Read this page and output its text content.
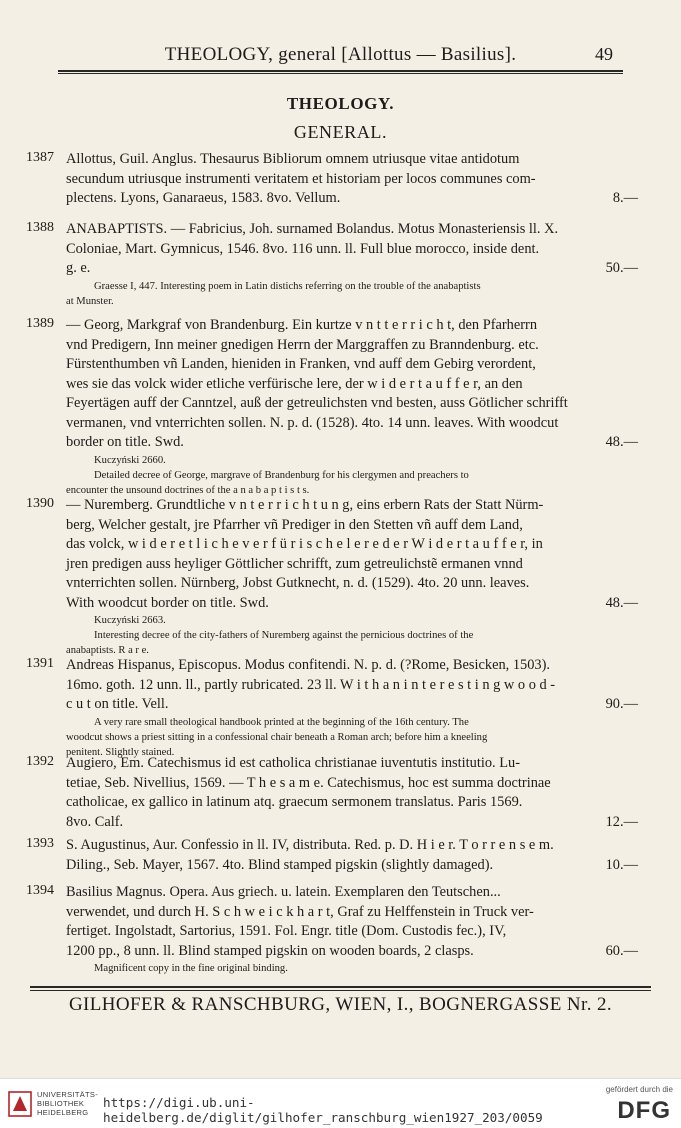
THEOLOGY, general [Allottus — Basilius].	49
THEOLOGY.
GENERAL.
1387 Allottus, Guil. Anglus. Thesaurus Bibliorum omnem utriusque vitae antidotum
secundum utriusque instrumenti veritatem et historiam per locos communes com-
8.—
plectens. Lyons, Ganaraeus, 1583. 8vo. Vellum.
1388 ANABAPTISTS. — Fabricius, Joh. surnamed Bolandus. Motus Monasteriensis ll. X.
Coloniae, Mart. Gymnicus, 1546. 8vo. 116 unn. ll. Full blue morocco, inside dent.
50.—
g. e.
Graesse I, 447. Interesting poem in Latin distichs referring on the trouble of the anabaptists
at Munster.
1389 — Georg, Markgraf von Brandenburg. Ein kurtze v n t t e r r i c h t, den Pfarherrn
vnd Predigern, Inn meiner gnedigen Herrn der Marggraffen zu Branndenburg. etc.
Fürstenthumben vñ Landen, hieniden in Franken, vnd auff dem Gebirg verordent,
wes sie das volck wider etliche verfürische lere, der w i d e r t a u f f e r, an den
Feyertägen auff der Canntzel, auß der getreulichsten vnd besten, auss Götlicher schrifft
vermanen, vnd vnterrichten sollen. N. p. d. (1528). 4to. 14 unn. leaves. With woodcut
48.—
border on title. Swd.
Kuczyński 2660.
Detailed decree of George, margrave of Brandenburg for his clergymen and preachers to
encounter the unsound doctrines of the a n a b a p t i s t s.
1390 — Nuremberg. Grundtliche v n t e r r i c h t u n g, eins erbern Rats der Statt Nürm-
berg, Welcher gestalt, jre Pfarrher vñ Prediger in den Stetten vñ auff dem Land,
das volck, w i d e r e t l i c h e v e r f ü r i s c h e l e r e d e r W i d e r t a u f f e r, in
jren predigen auss heyliger Göttlicher schrifft, zum getreulichstẽ ermanen vnnd
vnterrichten sollen. Nürnberg, Jobst Gutknecht, n. d. (1529). 4to. 20 unn. leaves.
48.—
With woodcut border on title. Swd.
Kuczyński 2663.
Interesting decree of the city-fathers of Nuremberg against the pernicious doctrines of the
anabaptists. R a r e.
1391 Andreas Hispanus, Episcopus. Modus confitendi. N. p. d. (?Rome, Besicken, 1503).
16mo. goth. 12 unn. ll., partly rubricated. 23 ll. W i t h a n i n t e r e s t i n g w o o d -
90.—
c u t on title. Vell.
A very rare small theological handbook printed at the beginning of the 16th century. The
woodcut shows a priest sitting in a confessional chair beneath a Roman arch; before him a kneeling
penitent. Slightly stained.
1392 Augiero, Em. Catechismus id est catholica christianae iuventutis institutio. Lu-
tetiae, Seb. Nivellius, 1569. — T h e s a m e. Catechismus, hoc est summa doctrinae
catholicae, ex gallico in latinum atq. graecum sermonem translatus. Paris 1569.
12.—
8vo. Calf.
1393 S. Augustinus, Aur. Confessio in ll. IV, distributa. Red. p. D. H i e r. T o r r e n s e m.
10.—
Diling., Seb. Mayer, 1567. 4to. Blind stamped pigskin (slightly damaged).
1394 Basilius Magnus. Opera. Aus griech. u. latein. Exemplaren den Teutschen...
verwendet, und durch H. S c h w e i c k h a r t, Graf zu Helffenstein in Truck ver-
fertiget. Ingolstadt, Sartorius, 1591. Fol. Engr. title (Dom. Custodis fec.), IV,
60.—
1200 pp., 8 unn. ll. Blind stamped pigskin on wooden boards, 2 clasps.
Magnificent copy in the fine original binding.
GILHOFER & RANSCHBURG, WIEN, I., BOGNERGASSE Nr. 2.
UNIVERSITÄTS-
BIBLIOTHEK
HEIDELBERG
https://digi.ub.uni-heidelberg.de/diglit/gilhofer_ranschburg_wien1927_203/0059
gefördert durch die
DFG
